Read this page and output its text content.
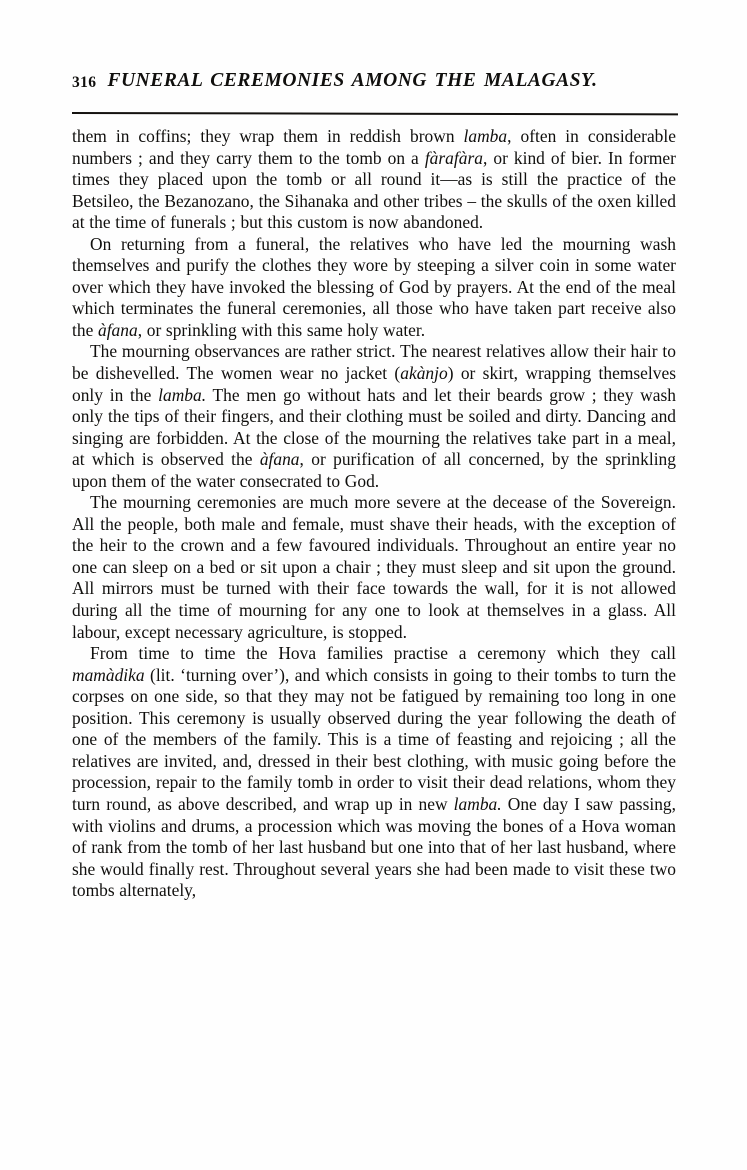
316 FUNERAL CEREMONIES AMONG THE MALAGASY.

them in coffins; they wrap them in reddish brown lamba, often in considerable numbers ; and they carry them to the tomb on a fàrafàra, or kind of bier. In former times they placed upon the tomb or all round it—as is still the practice of the Betsileo, the Bezanozano, the Sihanaka and other tribes – the skulls of the oxen killed at the time of funerals ; but this custom is now abandoned.

On returning from a funeral, the relatives who have led the mourning wash themselves and purify the clothes they wore by steeping a silver coin in some water over which they have invoked the blessing of God by prayers. At the end of the meal which terminates the funeral ceremonies, all those who have taken part receive also the àfana, or sprinkling with this same holy water.

The mourning observances are rather strict. The nearest relatives allow their hair to be dishevelled. The women wear no jacket (akànjo) or skirt, wrapping themselves only in the lamba. The men go without hats and let their beards grow ; they wash only the tips of their fingers, and their clothing must be soiled and dirty. Dancing and singing are forbidden. At the close of the mourning the relatives take part in a meal, at which is observed the àfana, or purification of all concerned, by the sprinkling upon them of the water consecrated to God.

The mourning ceremonies are much more severe at the decease of the Sovereign. All the people, both male and female, must shave their heads, with the exception of the heir to the crown and a few favoured individuals. Throughout an entire year no one can sleep on a bed or sit upon a chair ; they must sleep and sit upon the ground. All mirrors must be turned with their face towards the wall, for it is not allowed during all the time of mourning for any one to look at themselves in a glass. All labour, except necessary agriculture, is stopped.

From time to time the Hova families practise a ceremony which they call mamàdika (lit. ‘turning over’), and which consists in going to their tombs to turn the corpses on one side, so that they may not be fatigued by remaining too long in one position. This ceremony is usually observed during the year following the death of one of the members of the family. This is a time of feasting and rejoicing ; all the relatives are invited, and, dressed in their best clothing, with music going before the procession, repair to the family tomb in order to visit their dead relations, whom they turn round, as above described, and wrap up in new lamba. One day I saw passing, with violins and drums, a procession which was moving the bones of a Hova woman of rank from the tomb of her last husband but one into that of her last husband, where she would finally rest. Throughout several years she had been made to visit these two tombs alternately,
